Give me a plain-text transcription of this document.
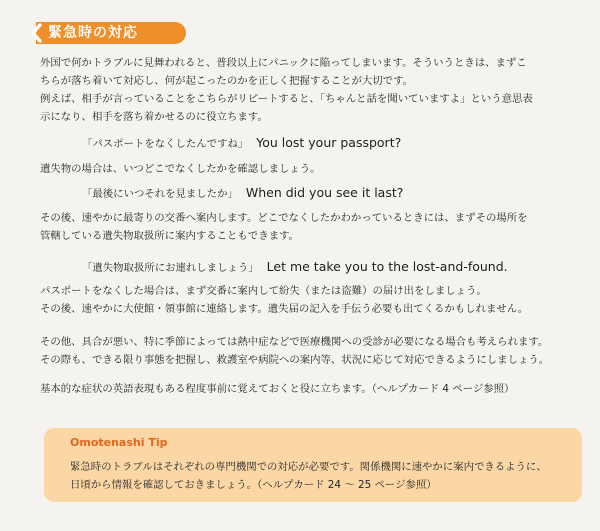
緊急時の対応

外国で何かトラブルに見舞われると、普段以上にパニックに陥ってしまいます。そういうときは、まずこ

ちらが落ち着いて対応し、何が起こったのかを正しく把握することが大切です。

例えば、相手が言っていることをこちらがリピートすると、「ちゃんと話を聞いていますよ」という意思表

示になり、相手を落ち着かせるのに役立ちます。

「パスポートをなくしたんですね」 You lost your passport?

遺失物の場合は、いつどこでなくしたかを確認しましょう。

「最後にいつそれを見ましたか」 When did you see it last?

その後、速やかに最寄りの交番へ案内します。どこでなくしたかわかっているときには、まずその場所を

管轄している遺失物取扱所に案内することもできます。

「遺失物取扱所にお連れしましょう」 Let me take you to the lost-and-found.

パスポートをなくした場合は、まず交番に案内して紛失（または盗難）の届け出をしましょう。

その後、速やかに大使館・領事館に連絡します。遺失届の記入を手伝う必要も出てくるかもしれません。

その他、具合が悪い、特に季節によっては熱中症などで医療機関への受診が必要になる場合も考えられます。

その際も、できる限り事態を把握し、救護室や病院への案内等、状況に応じて対応できるようにしましょう。

基本的な症状の英語表現もある程度事前に覚えておくと役に立ちます。（ヘルプカード 4 ページ参照）

Omotenashi Tip
緊急時のトラブルはそれぞれの専門機関での対応が必要です。関係機関に速やかに案内できるように、
日頃から情報を確認しておきましょう。（ヘルプカード 24 ～ 25 ページ参照）
